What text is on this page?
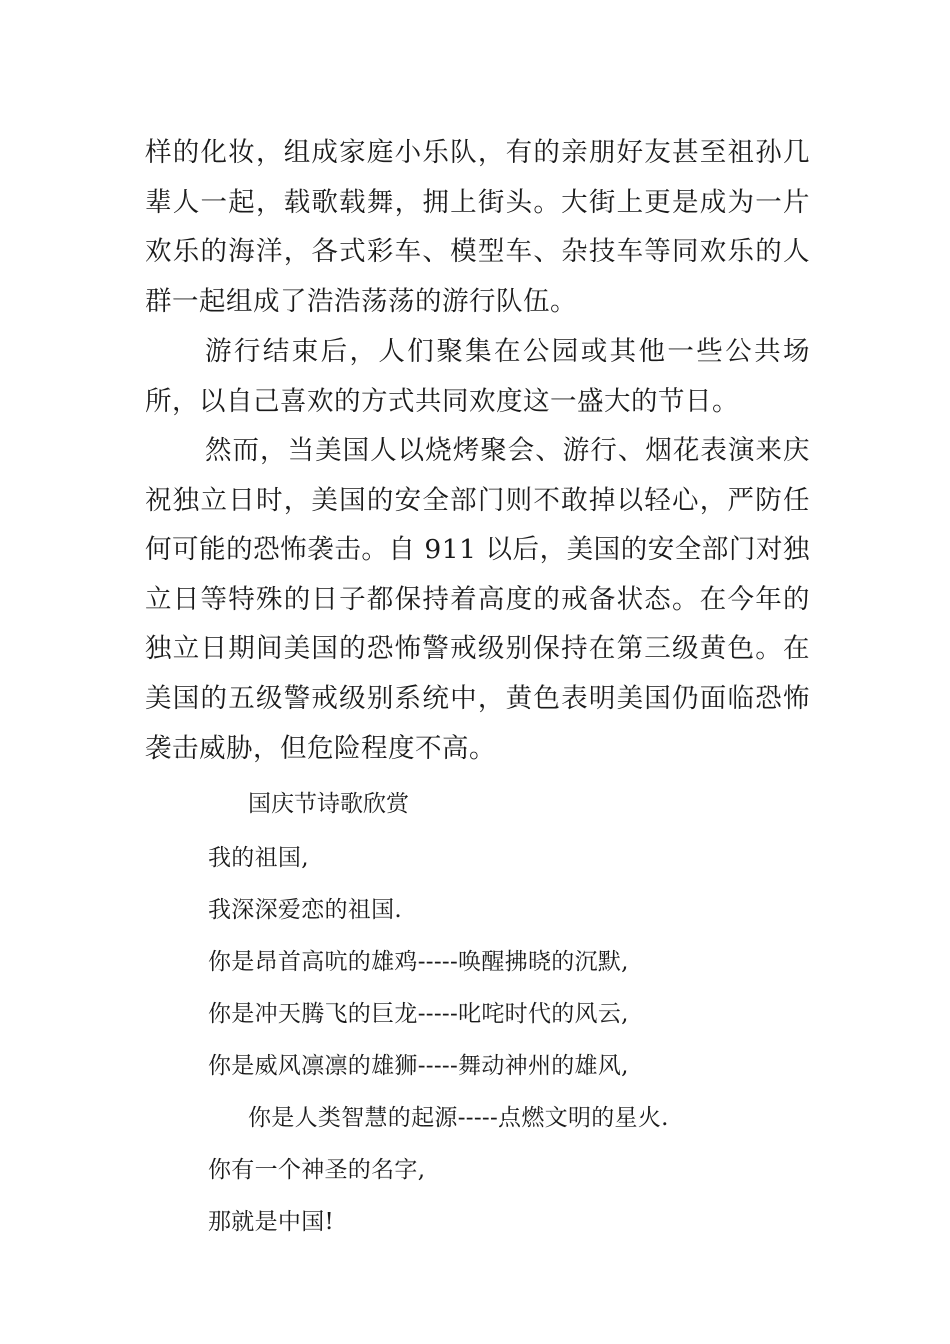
样的化妆，组成家庭小乐队，有的亲朋好友甚至祖孙几辈人一起，载歌载舞，拥上街头。大街上更是成为一片欢乐的海洋，各式彩车、模型车、杂技车等同欢乐的人群一起组成了浩浩荡荡的游行队伍。

游行结束后，人们聚集在公园或其他一些公共场所，以自己喜欢的方式共同欢度这一盛大的节日。

然而，当美国人以烧烤聚会、游行、烟花表演来庆祝独立日时，美国的安全部门则不敢掉以轻心，严防任何可能的恐怖袭击。自 911 以后，美国的安全部门对独立日等特殊的日子都保持着高度的戒备状态。在今年的独立日期间美国的恐怖警戒级别保持在第三级黄色。在美国的五级警戒级别系统中，黄色表明美国仍面临恐怖袭击威胁，但危险程度不高。

国庆节诗歌欣赏

我的祖国,
我深深爱恋的祖国.
你是昂首高吭的雄鸡-----唤醒拂晓的沉默,
你是冲天腾飞的巨龙-----叱咤时代的风云,
你是威风凛凛的雄狮-----舞动神州的雄风,
你是人类智慧的起源-----点燃文明的星火.
你有一个神圣的名字,
那就是中国!
